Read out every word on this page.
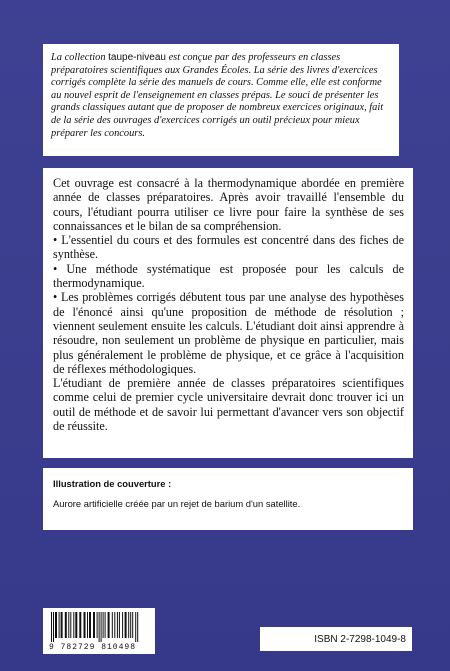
La collection taupe-niveau est conçue par des professeurs en classes préparatoires scientifiques aux Grandes Écoles. La série des livres d'exercices corrigés complète la série des manuels de cours. Comme elle, elle est conforme au nouvel esprit de l'enseignement en classes prépas. Le souci de présenter les grands classiques autant que de proposer de nombreux exercices originaux, fait de la série des ouvrages d'exercices corrigés un outil précieux pour mieux préparer les concours.

Cet ouvrage est consacré à la thermodynamique abordée en première année de classes préparatoires. Après avoir travaillé l'ensemble du cours, l'étudiant pourra utiliser ce livre pour faire la synthèse de ses connaissances et le bilan de sa compréhension.

• L'essentiel du cours et des formules est concentré dans des fiches de synthèse.

• Une méthode systématique est proposée pour les calculs de thermodynamique.

• Les problèmes corrigés débutent tous par une analyse des hypothèses de l'énoncé ainsi qu'une proposition de méthode de résolution ; viennent seulement ensuite les calculs. L'étudiant doit ainsi apprendre à résoudre, non seulement un problème de physique en particulier, mais plus généralement le problème de physique, et ce grâce à l'acquisition de réflexes méthodologiques.

L'étudiant de première année de classes préparatoires scientifiques comme celui de premier cycle universitaire devrait donc trouver ici un outil de méthode et de savoir lui permettant d'avancer vers son objectif de réussite.

Illustration de couverture :
Aurore artificielle créée par un rejet de barium d'un satellite.
9 782729 810498
ISBN 2-7298-1049-8
